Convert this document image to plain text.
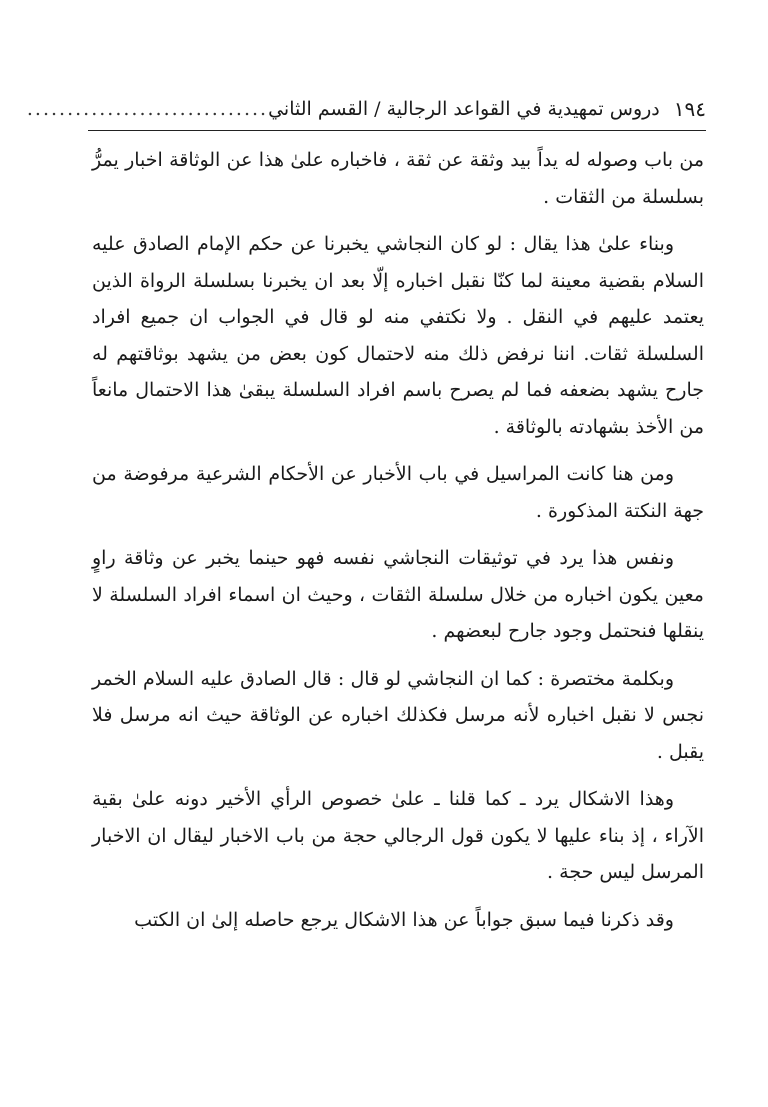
١٩٤
دروس تمهيدية في القواعد الرجالية / القسم الثاني
..............................

من باب وصوله له يداً بيد وثقة عن ثقة ، فاخباره علىٰ هذا عن الوثاقة اخبار يمرُّ بسلسلة من الثقات .

وبناء علىٰ هذا يقال : لو كان النجاشي يخبرنا عن حكم الإمام الصادق عليه السلام بقضية معينة لما كنّا نقبل اخباره إلّا بعد ان يخبرنا بسلسلة الرواة الذين يعتمد عليهم في النقل . ولا نكتفي منه لو قال في الجواب ان جميع افراد السلسلة ثقات. اننا نرفض ذلك منه لاحتمال كون بعض من يشهد بوثاقتهم له جارح يشهد بضعفه فما لم يصرح باسم افراد السلسلة يبقىٰ هذا الاحتمال مانعاً من الأخذ بشهادته بالوثاقة .

ومن هنا كانت المراسيل في باب الأخبار عن الأحكام الشرعية مرفوضة من جهة النكتة المذكورة .

ونفس هذا يرد في توثيقات النجاشي نفسه فهو حينما يخبر عن وثاقة راوٍ معين يكون اخباره من خلال سلسلة الثقات ، وحيث ان اسماء افراد السلسلة لا ينقلها فنحتمل وجود جارح لبعضهم .

وبكلمة مختصرة : كما ان النجاشي لو قال : قال الصادق عليه السلام الخمر نجس لا نقبل اخباره لأنه مرسل فكذلك اخباره عن الوثاقة حيث انه مرسل فلا يقبل .

وهذا الاشكال يرد ـ كما قلنا ـ علىٰ خصوص الرأي الأخير دونه علىٰ بقية الآراء ، إذ بناء عليها لا يكون قول الرجالي حجة من باب الاخبار ليقال ان الاخبار المرسل ليس حجة .

وقد ذكرنا فيما سبق جواباً عن هذا الاشكال يرجع حاصله إلىٰ ان الكتب
